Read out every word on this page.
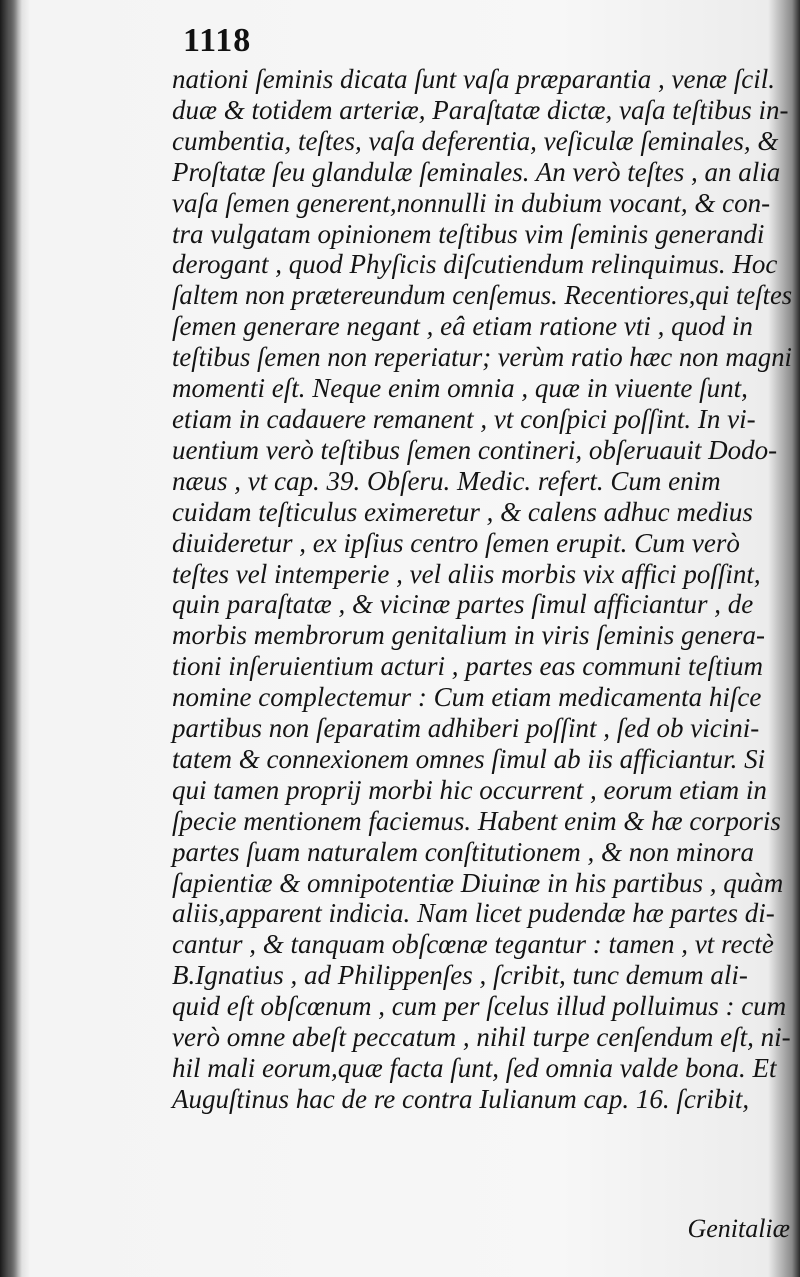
1118
nationi ſeminis dicata ſunt vaſa præparantia , venæ ſcil.
duæ & totidem arteriæ, Paraſtatæ dictæ, vaſa teſtibus in-
cumbentia, teſtes, vaſa deferentia, veſiculæ ſeminales, &
Proſtatæ ſeu glandulæ ſeminales. An verò teſtes , an alia
vaſa ſemen generent,nonnulli in dubium vocant, & con-
tra vulgatam opinionem teſtibus vim ſeminis generandi
derogant , quod Phyſicis diſcutiendum relinquimus. Hoc
ſaltem non prætereundum cenſemus. Recentiores,qui teſtes
ſemen generare negant , eâ etiam ratione vti , quod in
teſtibus ſemen non reperiatur; verùm ratio hæc non magni
momenti eſt. Neque enim omnia , quæ in viuente ſunt,
etiam in cadauere remanent , vt conſpici poſſint. In vi-
uentium verò teſtibus ſemen contineri, obſeruauit Dodo-
næus , vt cap. 39. Obſeru. Medic. refert. Cum enim
cuidam teſticulus eximeretur , & calens adhuc medius
diuideretur , ex ipſius centro ſemen erupit. Cum verò
teſtes vel intemperie , vel aliis morbis vix affici poſſint,
quin paraſtatæ , & vicinæ partes ſimul afficiantur , de
morbis membrorum genitalium in viris ſeminis genera-
tioni inſeruientium acturi , partes eas communi teſtium
nomine complectemur : Cum etiam medicamenta hiſce
partibus non ſeparatim adhiberi poſſint , ſed ob vicini-
tatem & connexionem omnes ſimul ab iis afficiantur. Si
qui tamen proprij morbi hic occurrent , eorum etiam in
ſpecie mentionem faciemus. Habent enim & hæ corporis
partes ſuam naturalem conſtitutionem , & non minora
ſapientiæ & omnipotentiæ Diuinæ in his partibus , quàm
aliis,apparent indicia. Nam licet pudendæ hæ partes di-
cantur , & tanquam obſcœnæ tegantur : tamen , vt rectè
B.Ignatius , ad Philippenſes , ſcribit, tunc demum ali-
quid eſt obſcœnum , cum per ſcelus illud polluimus : cum
verò omne abeſt peccatum , nihil turpe cenſendum eſt, ni-
hil mali eorum,quæ facta ſunt, ſed omnia valde bona. Et
Auguſtinus hac de re contra Iulianum cap. 16. ſcribit,
Genitaliæ
